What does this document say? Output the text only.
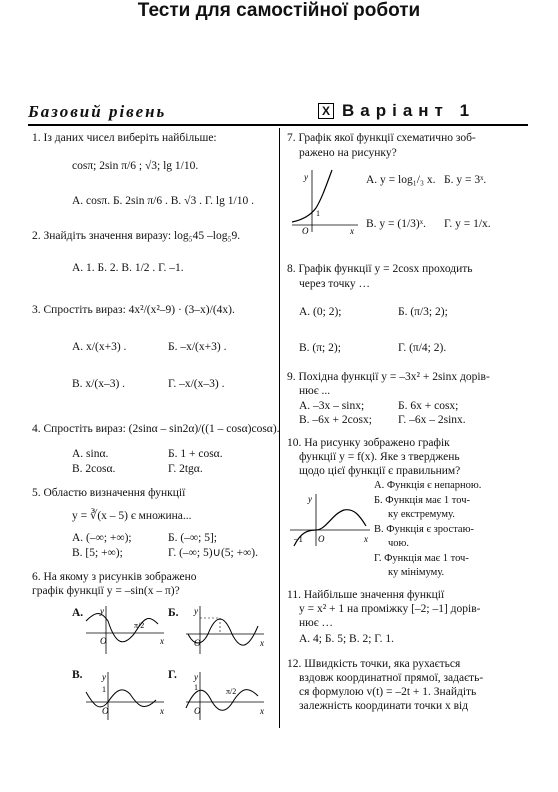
Тести для самостійної роботи
Базовий рівень	X Варіант 1
1. Із даних чисел виберіть найбільше:
cosπ; 2sin π/6 ; √3; lg 1/10.
А. cosπ. Б. 2sin π/6 . В. √3 . Г. lg 1/10 .
2. Знайдіть значення виразу: log₅45 –log₅9.
А. 1. Б. 2. В. 1/2 . Г. –1.
3. Спростіть вираз: 4x²/(x²–9) · (3–x)/(4x).
А. x/(x+3) .	Б. –x/(x+3) .
В. x/(x–3) .	Г. –x/(x–3) .
4. Спростіть вираз: (2sinα – sin2α)/((1 – cosα)cosα).
А. sinα.	Б. 1 + cosα.
В. 2cosα.	Г. 2tgα.
5. Областю визначення функції
y = ∛(x – 5) є множина...
А. (–∞; +∞);	Б. (–∞; 5];
В. [5; +∞);	Г. (–∞; 5)∪(5; +∞).
6. На якому з рисунків зображено
графік функції y = –sin(x – π)?
А.	Б.
В.	Г.
y
O
π/2
x
y
O	x
y
1
O	x
y
1
O
π/2
x
7. Графік якої функції схематично зоб-
ражено на рисунку?
y
1
O	x
А. y = log₁/₃ x. Б. y = 3ˣ.
В. y = (1/3)ˣ. Г. y = 1/x.
8. Графік функції y = 2cosx проходить
через точку …
А. (0; 2);	Б. (π/3; 2);
В. (π; 2);	Г. (π/4; 2).
9. Похідна функції y = –3x² + 2sinx дорів-
нює ...
А. –3x – sinx;	Б. 6x + cosx;
В. –6x + 2cosx; Г. –6x – 2sinx.
10. На рисунку зображено графік
функції y = f(x). Яке з тверджень
щодо цієї функції є правильним?
y
–1 O	x
А. Функція є непарною.
Б. Функція має 1 точ-
ку екстремуму.
В. Функція є зростаю-
чою.
Г. Функція має 1 точ-
ку мінімуму.
11. Найбільше значення функції
y = x² + 1 на проміжку [–2; –1] дорів-
нює …
А. 4; Б. 5; В. 2; Г. 1.
12. Швидкість точки, яка рухається
вздовж координатної прямої, задаєть-
ся формулою v(t) = –2t + 1. Знайдіть
залежність координати точки x від
